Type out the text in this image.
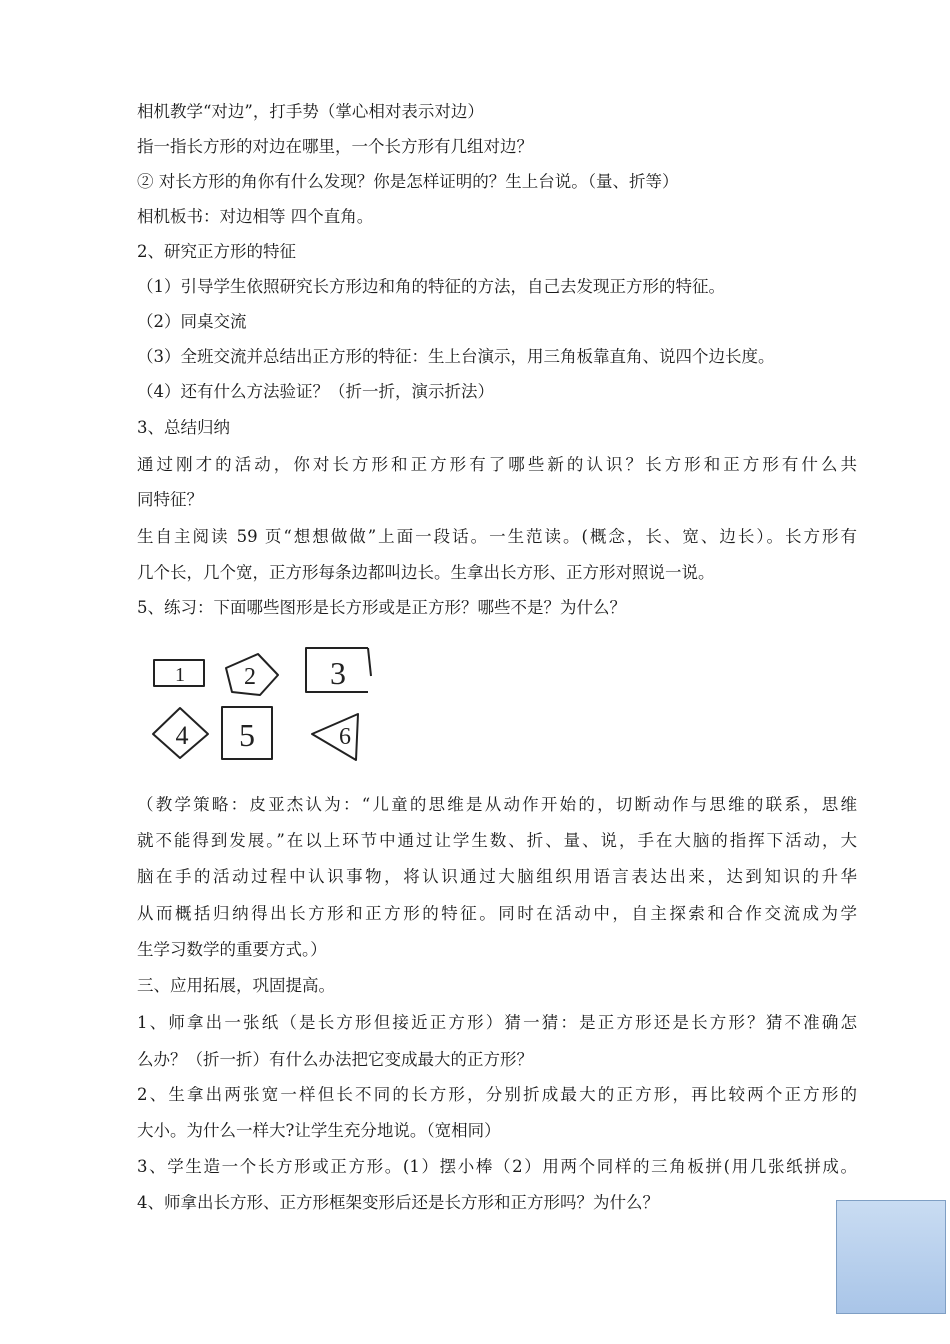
相机教学“对边”，打手势（掌心相对表示对边）
指一指长方形的对边在哪里，一个长方形有几组对边？
② 对长方形的角你有什么发现？你是怎样证明的？生上台说。（量、折等）
相机板书：对边相等 四个直角。
2、研究正方形的特征
（1）引导学生依照研究长方形边和角的特征的方法，自己去发现正方形的特征。
（2）同桌交流
（3）全班交流并总结出正方形的特征：生上台演示，用三角板靠直角、说四个边长度。
（4）还有什么方法验证？（折一折，演示折法）
3、总结归纳
通过刚才的活动，你对长方形和正方形有了哪些新的认识？长方形和正方形有什么共
同特征？
生自主阅读 59 页“想想做做”上面一段话。一生范读。(概念，长、宽、边长）。长方形有
几个长，几个宽，正方形每条边都叫边长。生拿出长方形、正方形对照说一说。
5、练习：下面哪些图形是长方形或是正方形？哪些不是？为什么？
1 2 3
4 5	6
（教学策略：皮亚杰认为：“儿童的思维是从动作开始的，切断动作与思维的联系，思维
就不能得到发展。”在以上环节中通过让学生数、折、量、说，手在大脑的指挥下活动，大
脑在手的活动过程中认识事物，将认识通过大脑组织用语言表达出来，达到知识的升华
从而概括归纳得出长方形和正方形的特征。同时在活动中，自主探索和合作交流成为学
生学习数学的重要方式。）
三、应用拓展，巩固提高。
1、师拿出一张纸（是长方形但接近正方形）猜一猜：是正方形还是长方形？猜不准确怎
么办？（折一折）有什么办法把它变成最大的正方形？
2、生拿出两张宽一样但长不同的长方形，分别折成最大的正方形，再比较两个正方形的
大小。为什么一样大?让学生充分地说。（宽相同）
3、学生造一个长方形或正方形。(1）摆小棒（2）用两个同样的三角板拼(用几张纸拼成。
4、师拿出长方形、正方形框架变形后还是长方形和正方形吗？为什么？
